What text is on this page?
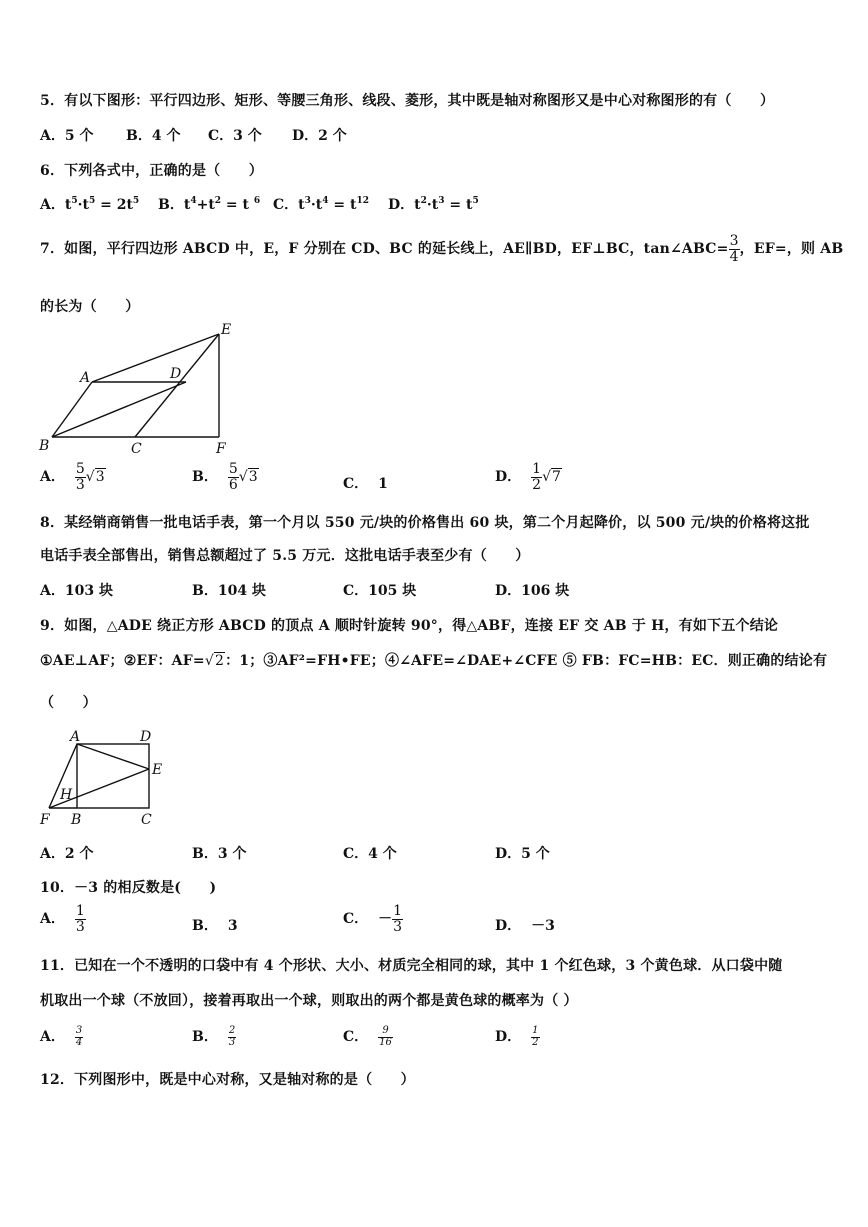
5．有以下图形：平行四边形、矩形、等腰三角形、线段、菱形，其中既是轴对称图形又是中心对称图形的有（　　）
A．5 个 B．4 个 C．3 个 D．2 个
6．下列各式中，正确的是（　　）
A．$t^5\cdot t^5 = 2t^5$ B．$t^4+t^2 = t$ $^6$ C．$t^3\cdot t^4 = t^{12}$ D．$t^2\cdot t^3 = t^5$
7．如图，平行四边形 ABCD 中，E，F 分别在 CD、BC 的延长线上，AE∥BD，EF⊥BC，tan∠ABC= $\frac{3}{4}$ ，EF=，则 AB
的长为（　　）
A	D
E
B	C	F
A． $\frac{5}{3} √3$	B． $\frac{5}{6} √3$	C． 1	D． $\frac{1}{2} √7$
8．某经销商销售一批电话手表，第一个月以 550 元/块的价格售出 60 块，第二个月起降价，以 500 元/块的价格将这批
电话手表全部售出，销售总额超过了 5.5 万元．这批电话手表至少有（　　）
A．103 块	B．104 块	C．105 块	D．106 块
9．如图，△ADE 绕正方形 ABCD 的顶点 A 顺时针旋转 90°，得△ABF，连接 EF 交 AB 于 H，有如下五个结论
①AE⊥AF；②EF：AF=√2：1；③AF²=FH•FE；④∠AFE=∠DAE+∠CFE ⑤ FB：FC=HB：EC．则正确的结论有
（　　）
A	D
E
H
F B	C
A．2 个	B．3 个	C．4 个	D．5 个
10．－3 的相反数是(　　)
A． $\frac{1}{3}$	B． 3	C． － $\frac{1}{3}$	D． －3
11．已知在一个不透明的口袋中有 4 个形状、大小、材质完全相同的球，其中 1 个红色球，3 个黄色球．从口袋中随
机取出一个球（不放回），接着再取出一个球，则取出的两个都是黄色球的概率为（ ）
A． $\frac{3}{4}$	B． $\frac{2}{3}$	C． $\frac{9}{16}$	D． $\frac{1}{2}$
12．下列图形中，既是中心对称，又是轴对称的是（　　）
